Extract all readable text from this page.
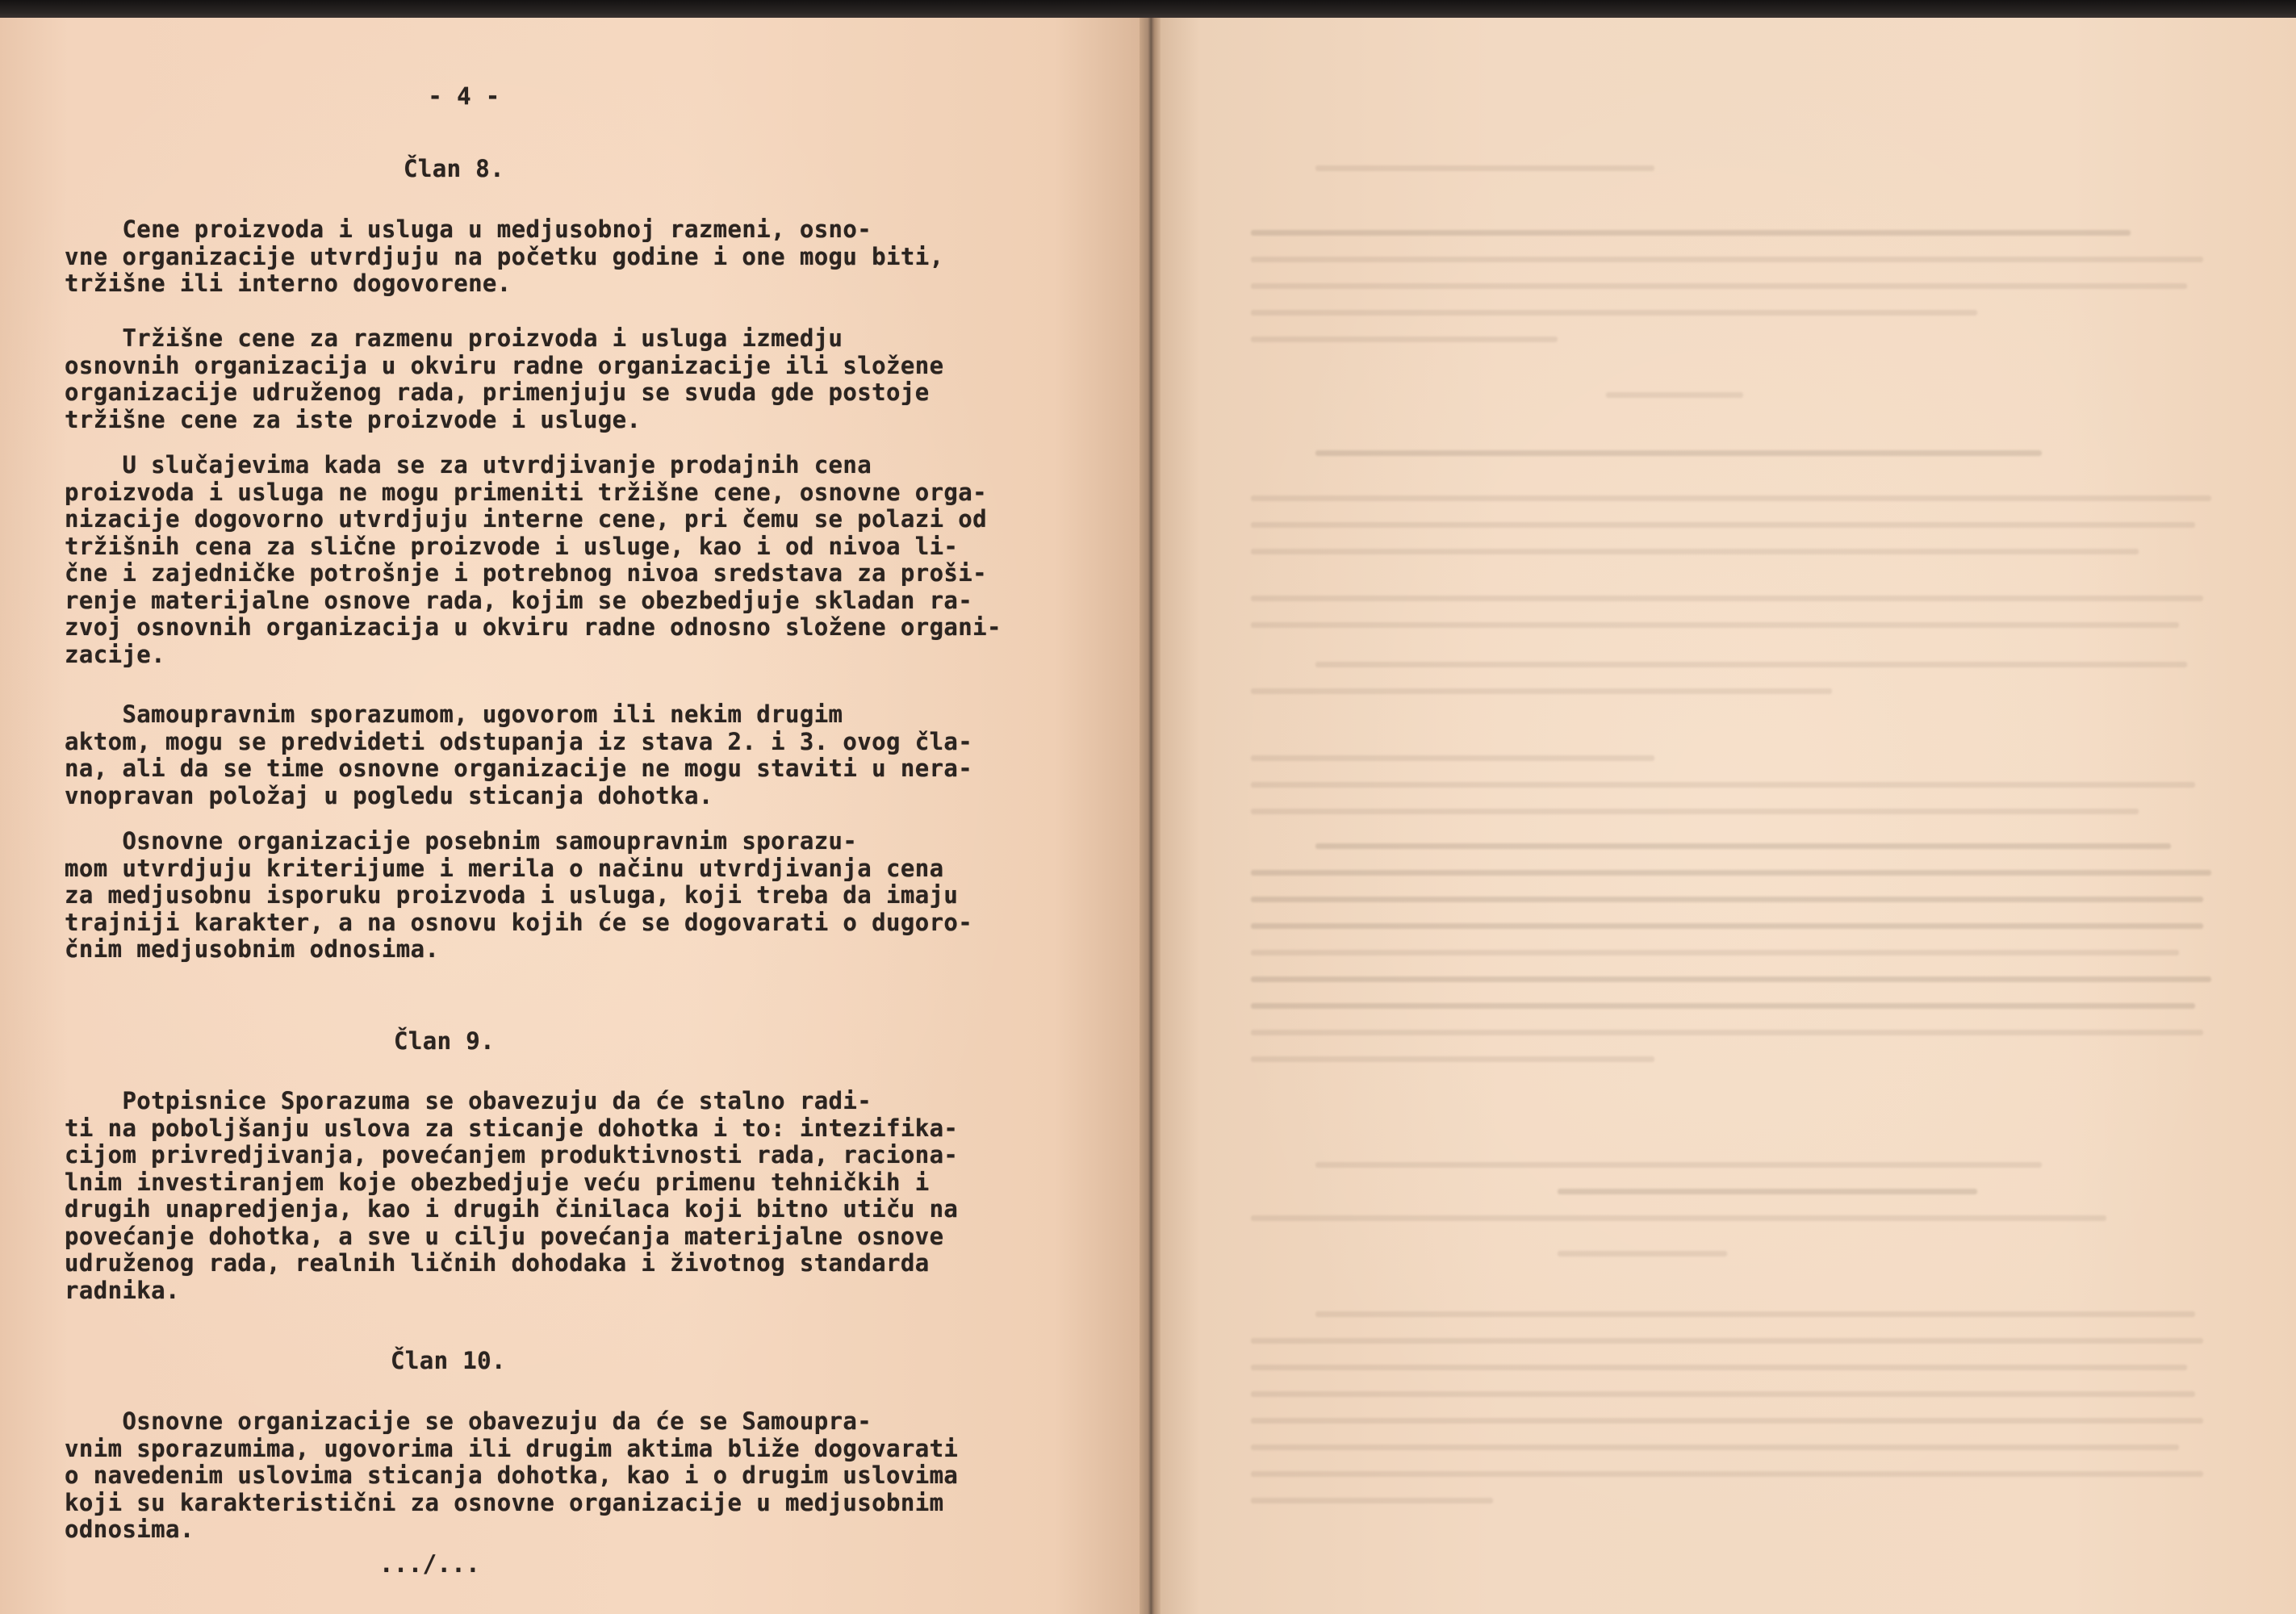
- 4 -
Član 8.
Cene proizvoda i usluga u medjusobnoj razmeni, osno-
vne organizacije utvrdjuju na početku godine i one mogu biti,
tržišne ili interno dogovorene.
Tržišne cene za razmenu proizvoda i usluga izmedju
osnovnih organizacija u okviru radne organizacije ili složene
organizacije udruženog rada, primenjuju se svuda gde postoje
tržišne cene za iste proizvode i usluge.
U slučajevima kada se za utvrdjivanje prodajnih cena
proizvoda i usluga ne mogu primeniti tržišne cene, osnovne orga-
nizacije dogovorno utvrdjuju interne cene, pri čemu se polazi od
tržišnih cena za slične proizvode i usluge, kao i od nivoa li-
čne i zajedničke potrošnje i potrebnog nivoa sredstava za proši-
renje materijalne osnove rada, kojim se obezbedjuje skladan ra-
zvoj osnovnih organizacija u okviru radne odnosno složene organi-
zacije.
Samoupravnim sporazumom, ugovorom ili nekim drugim
aktom, mogu se predvideti odstupanja iz stava 2. i 3. ovog čla-
na, ali da se time osnovne organizacije ne mogu staviti u nera-
vnopravan položaj u pogledu sticanja dohotka.
Osnovne organizacije posebnim samoupravnim sporazu-
mom utvrdjuju kriterijume i merila o načinu utvrdjivanja cena
za medjusobnu isporuku proizvoda i usluga, koji treba da imaju
trajniji karakter, a na osnovu kojih će se dogovarati o dugoro-
čnim medjusobnim odnosima.
Član 9.
Potpisnice Sporazuma se obavezuju da će stalno radi-
ti na poboljšanju uslova za sticanje dohotka i to: intezifika-
cijom privredjivanja, povećanjem produktivnosti rada, raciona-
lnim investiranjem koje obezbedjuje veću primenu tehničkih i
drugih unapredjenja, kao i drugih činilaca koji bitno utiču na
povećanje dohotka, a sve u cilju povećanja materijalne osnove
udruženog rada, realnih ličnih dohodaka i životnog standarda
radnika.
Član 10.
Osnovne organizacije se obavezuju da će se Samoupra-
vnim sporazumima, ugovorima ili drugim aktima bliže dogovarati
o navedenim uslovima sticanja dohotka, kao i o drugim uslovima
koji su karakteristični za osnovne organizacije u medjusobnim
odnosima.
.../...
